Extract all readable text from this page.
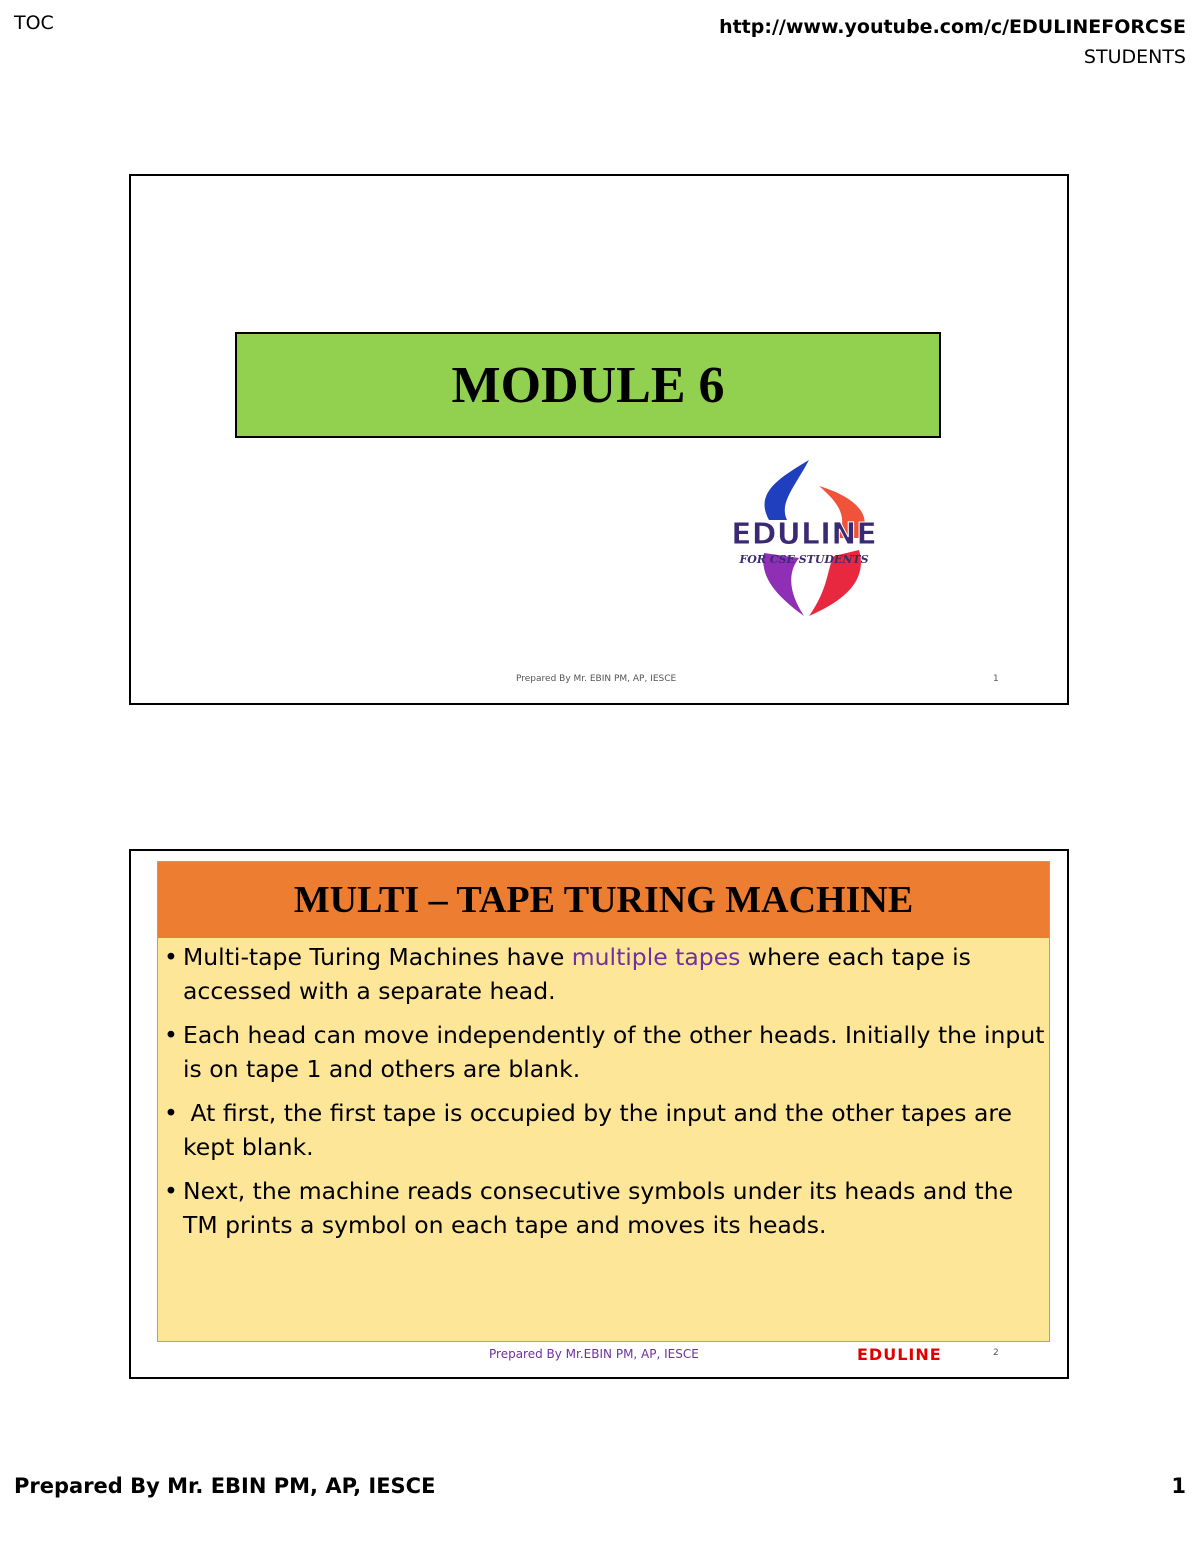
TOC	http://www.youtube.com/c/EDULINEFORCSE
STUDENTS
MODULE 6
EDULINE
FOR CSE STUDENTS
Prepared By Mr. EBIN PM, AP, IESCE	1
MULTI – TAPE TURING MACHINE
• Multi-tape Turing Machines have multiple tapes where each tape is accessed with a separate head.
• Each head can move independently of the other heads. Initially the input is on tape 1 and others are blank.
•  At first, the first tape is occupied by the input and the other tapes are kept blank.
• Next, the machine reads consecutive symbols under its heads and the TM prints a symbol on each tape and moves its heads.
Prepared By Mr.EBIN PM, AP, IESCE	EDULINE	2
Prepared By Mr. EBIN PM, AP, IESCE	1
